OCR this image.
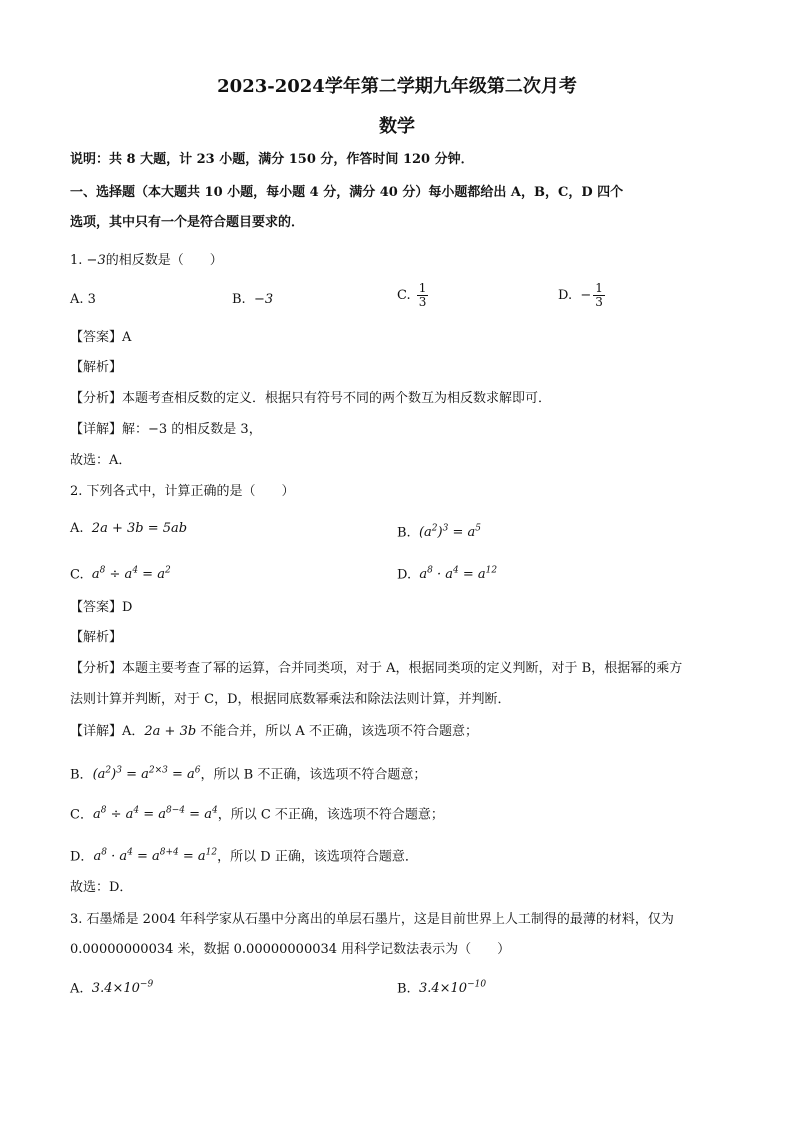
2023-2024学年第二学期九年级第二次月考
数学
说明：共 8 大题，计 23 小题，满分 150 分，作答时间 120 分钟．
一、选择题（本大题共 10 小题，每小题 4 分，满分 40 分）每小题都给出 A，B，C，D 四个
选项，其中只有一个是符合题目要求的．
1. −3的相反数是（　　）
A. 3	B. −3	C. $\frac{1}{3}$	D. − $\frac{1}{3}$
【答案】A
【解析】
【分析】本题考查相反数的定义．根据只有符号不同的两个数互为相反数求解即可．
【详解】解：−3 的相反数是 3，
故选：A．
2. 下列各式中，计算正确的是（　　）
A. 2a + 3b = 5ab	B. $(a^2)^3 = a^5$
C. $a^8 \div a^4 = a^2$	D. $a^8 \cdot a^4 = a^{12}$
【答案】D
【解析】
【分析】本题主要考查了幂的运算，合并同类项，对于 A，根据同类项的定义判断，对于 B，根据幂的乘方
法则计算并判断，对于 C，D，根据同底数幂乘法和除法法则计算，并判断．
【详解】A．2a + 3b 不能合并，所以 A 不正确，该选项不符合题意；
B．$(a^2)^3 = a^{2\times 3} = a^6$，所以 B 不正确，该选项不符合题意；
C．$a^8 \div a^4 = a^{8-4} = a^4$，所以 C 不正确，该选项不符合题意；
D．$a^8 \cdot a^4 = a^{8+4} = a^{12}$，所以 D 正确，该选项符合题意．
故选：D．
3. 石墨烯是 2004 年科学家从石墨中分离出的单层石墨片，这是目前世界上人工制得的最薄的材料，仅为
0.00000000034 米，数据 0.00000000034 用科学记数法表示为（　　）
A. $3.4\times 10^{-9}$	B. $3.4\times 10^{-10}$
